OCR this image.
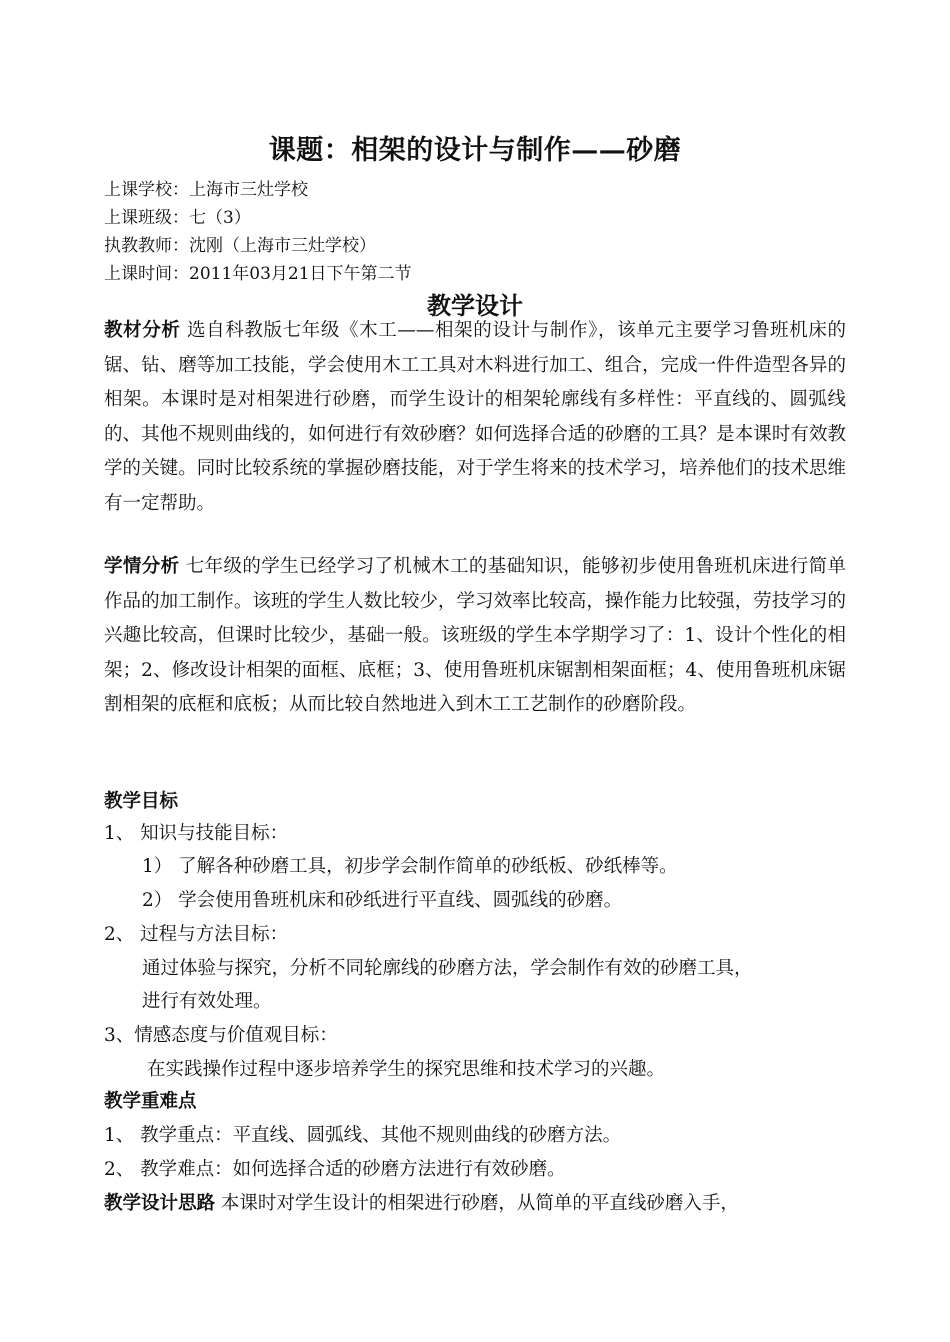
课题：相架的设计与制作——砂磨
上课学校：上海市三灶学校
上课班级：七（3）
执教教师：沈刚（上海市三灶学校）
上课时间：2011年03月21日下午第二节
教学设计
教材分析 选自科教版七年级《木工——相架的设计与制作》，该单元主要学习鲁班机床的锯、钻、磨等加工技能，学会使用木工工具对木料进行加工、组合，完成一件件造型各异的相架。本课时是对相架进行砂磨，而学生设计的相架轮廓线有多样性：平直线的、圆弧线的、其他不规则曲线的，如何进行有效砂磨？如何选择合适的砂磨的工具？是本课时有效教学的关键。同时比较系统的掌握砂磨技能，对于学生将来的技术学习，培养他们的技术思维有一定帮助。
学情分析 七年级的学生已经学习了机械木工的基础知识，能够初步使用鲁班机床进行简单作品的加工制作。该班的学生人数比较少，学习效率比较高，操作能力比较强，劳技学习的兴趣比较高，但课时比较少，基础一般。该班级的学生本学期学习了：1、设计个性化的相架；2、修改设计相架的面框、底框；3、使用鲁班机床锯割相架面框；4、使用鲁班机床锯割相架的底框和底板；从而比较自然地进入到木工工艺制作的砂磨阶段。
教学目标
1、 知识与技能目标：
1） 了解各种砂磨工具，初步学会制作简单的砂纸板、砂纸棒等。
2） 学会使用鲁班机床和砂纸进行平直线、圆弧线的砂磨。
2、 过程与方法目标：
通过体验与探究，分析不同轮廓线的砂磨方法，学会制作有效的砂磨工具，
进行有效处理。
3、情感态度与价值观目标：
在实践操作过程中逐步培养学生的探究思维和技术学习的兴趣。
教学重难点
1、 教学重点：平直线、圆弧线、其他不规则曲线的砂磨方法。
2、 教学难点：如何选择合适的砂磨方法进行有效砂磨。
教学设计思路 本课时对学生设计的相架进行砂磨，从简单的平直线砂磨入手，
